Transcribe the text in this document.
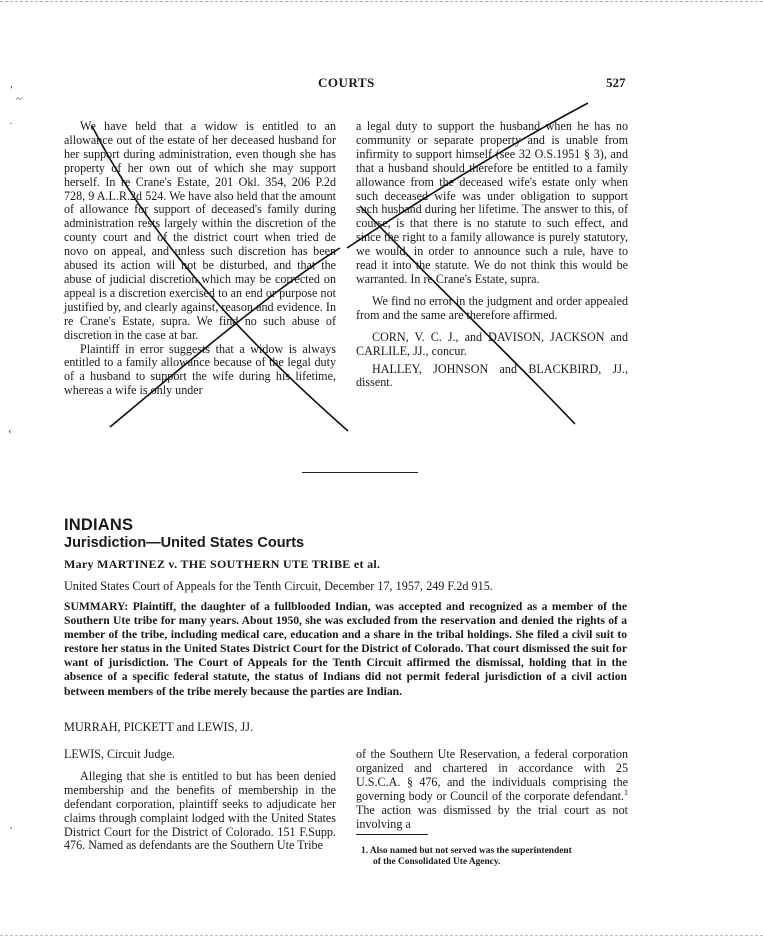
,
~
·
‹
'
COURTS	527

We have held that a widow is entitled to an allowance out of the estate of her deceased husband for her support during administration, even though she has property of her own out of which she may support herself. In re Crane's Estate, 201 Okl. 354, 206 P.2d 728, 9 A.L.R.2d 524. We have also held that the amount of allowance for support of deceased's family during administration rests largely within the discretion of the county court and of the district court when tried de novo on appeal, and unless such discretion has been abused its action will not be disturbed, and that the abuse of judicial discretion which may be corrected on appeal is a discretion exercised to an end or purpose not justified by, and clearly against, reason and evidence. In re Crane's Estate, supra. We find no such abuse of discretion in the case at bar.

Plaintiff in error suggests that a widow is always entitled to a family allowance because of the legal duty of a husband to support the wife during his lifetime, whereas a wife is only under

a legal duty to support the husband when he has no community or separate property and is unable from infirmity to support himself (see 32 O.S.1951 § 3), and that a husband should therefore be entitled to a family allowance from the deceased wife's estate only when such deceased wife was under obligation to support such husband during her lifetime. The answer to this, of course, is that there is no statute to such effect, and since the right to a family allowance is purely statutory, we would, in order to announce such a rule, have to read it into the statute. We do not think this would be warranted. In re Crane's Estate, supra.

We find no error in the judgment and order appealed from and the same are therefore affirmed.

CORN, V. C. J., and DAVISON, JACKSON and CARLILE, JJ., concur.

HALLEY, JOHNSON and BLACKBIRD, JJ., dissent.

INDIANS
Jurisdiction—United States Courts
Mary MARTINEZ v. THE SOUTHERN UTE TRIBE et al.
United States Court of Appeals for the Tenth Circuit, December 17, 1957, 249 F.2d 915.
SUMMARY: Plaintiff, the daughter of a fullblooded Indian, was accepted and recognized as a member of the Southern Ute tribe for many years. About 1950, she was excluded from the reservation and denied the rights of a member of the tribe, including medical care, education and a share in the tribal holdings. She filed a civil suit to restore her status in the United States District Court for the District of Colorado. That court dismissed the suit for want of jurisdiction. The Court of Appeals for the Tenth Circuit affirmed the dismissal, holding that in the absence of a specific federal statute, the status of Indians did not permit federal jurisdiction of a civil action between members of the tribe merely because the parties are Indian.
MURRAH, PICKETT and LEWIS, JJ.

LEWIS, Circuit Judge.

Alleging that she is entitled to but has been denied membership and the benefits of membership in the defendant corporation, plaintiff seeks to adjudicate her claims through complaint lodged with the United States District Court for the District of Colorado. 151 F.Supp. 476. Named as defendants are the Southern Ute Tribe

of the Southern Ute Reservation, a federal corporation organized and chartered in accordance with 25 U.S.C.A. § 476, and the individuals comprising the governing body or Council of the corporate defendant.$^1$ The action was dismissed by the trial court as not involving a

1. Also named but not served was the superintendent
of the Consolidated Ute Agency.
